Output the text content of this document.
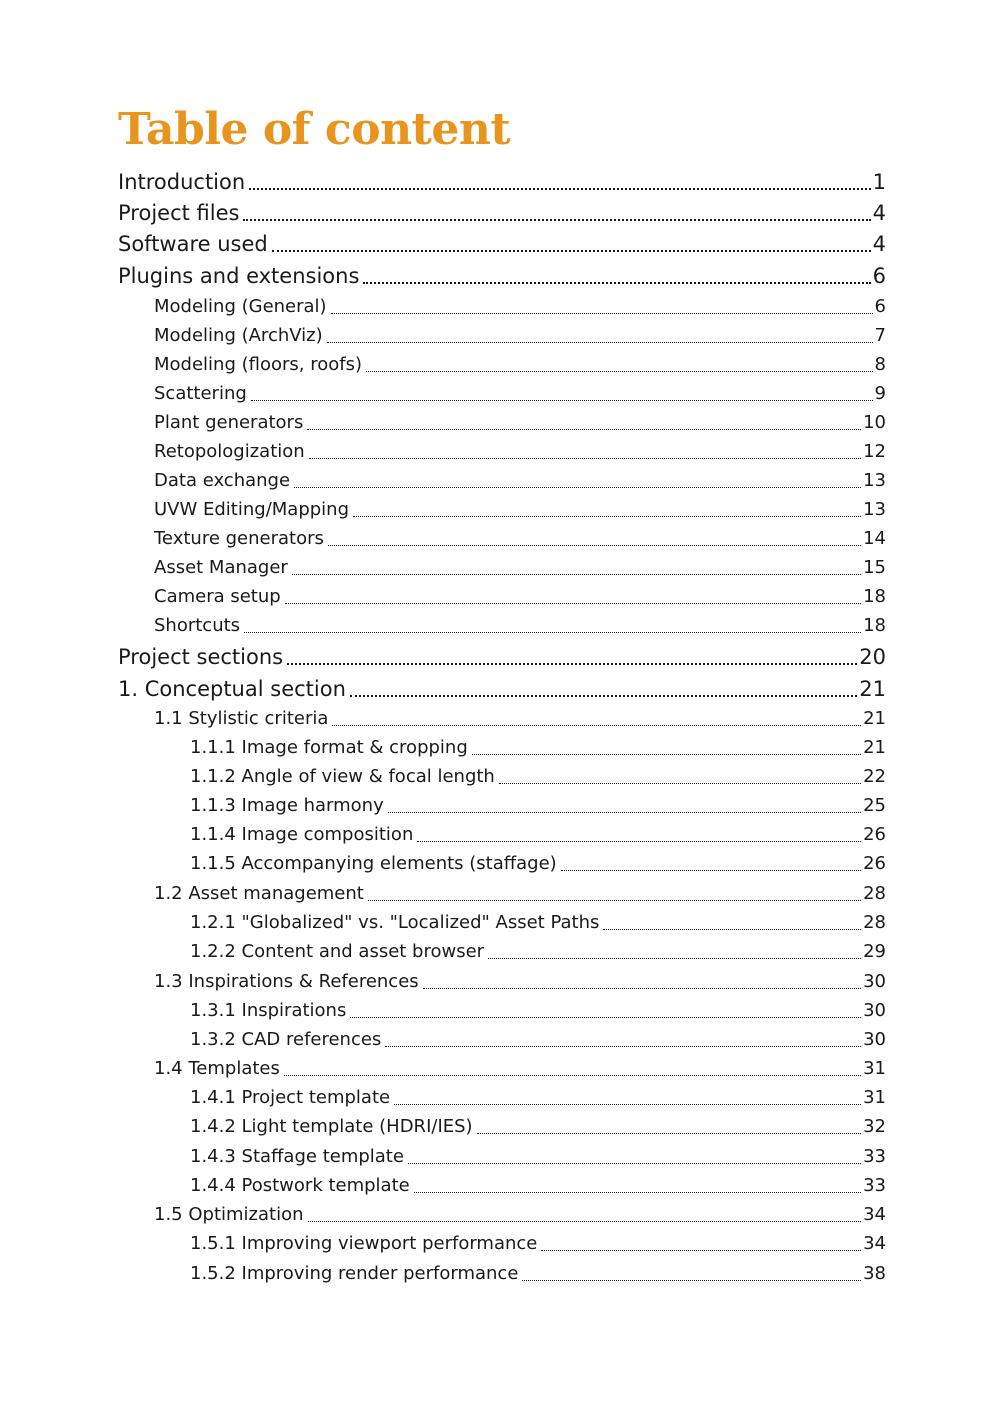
Table of content
Introduction	1
Project files	4
Software used	4
Plugins and extensions	6
Modeling (General)	6
Modeling (ArchViz)	7
Modeling (floors, roofs)	8
Scattering	9
Plant generators	10
Retopologization	12
Data exchange	13
UVW Editing/Mapping	13
Texture generators	14
Asset Manager	15
Camera setup	18
Shortcuts	18
Project sections	20
1. Conceptual section	21
1.1 Stylistic criteria	21
1.1.1 Image format & cropping	21
1.1.2 Angle of view & focal length	22
1.1.3 Image harmony	25
1.1.4 Image composition	26
1.1.5 Accompanying elements (staffage)	26
1.2 Asset management	28
1.2.1 "Globalized" vs. "Localized" Asset Paths	28
1.2.2 Content and asset browser	29
1.3 Inspirations & References	30
1.3.1 Inspirations	30
1.3.2 CAD references	30
1.4 Templates	31
1.4.1 Project template	31
1.4.2 Light template (HDRI/IES)	32
1.4.3 Staffage template	33
1.4.4 Postwork template	33
1.5 Optimization	34
1.5.1 Improving viewport performance	34
1.5.2 Improving render performance	38
